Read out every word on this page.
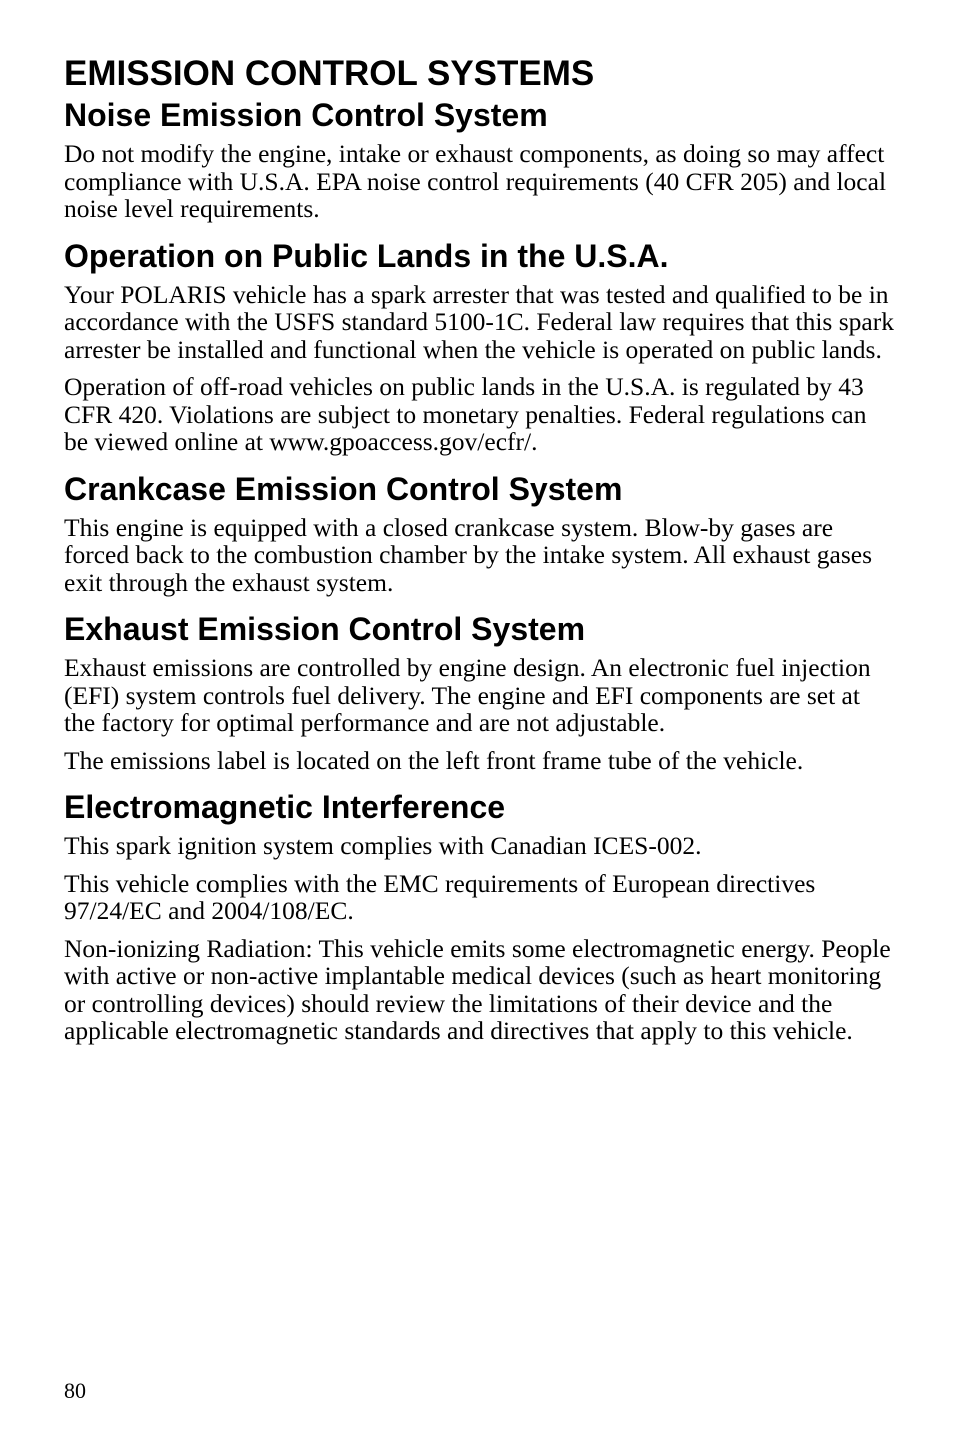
EMISSION CONTROL SYSTEMS
Noise Emission Control System

Do not modify the engine, intake or exhaust components, as doing so may affect compliance with U.S.A. EPA noise control requirements (40 CFR 205) and local noise level requirements.

Operation on Public Lands in the U.S.A.

Your POLARIS vehicle has a spark arrester that was tested and qualified to be in accordance with the USFS standard 5100-1C. Federal law requires that this spark arrester be installed and functional when the vehicle is operated on public lands.

Operation of off-road vehicles on public lands in the U.S.A. is regulated by 43 CFR 420. Violations are subject to monetary penalties. Federal regulations can be viewed online at www.gpoaccess.gov/ecfr/.

Crankcase Emission Control System

This engine is equipped with a closed crankcase system. Blow-by gases are forced back to the combustion chamber by the intake system. All exhaust gases exit through the exhaust system.

Exhaust Emission Control System

Exhaust emissions are controlled by engine design. An electronic fuel injection (EFI) system controls fuel delivery. The engine and EFI components are set at the factory for optimal performance and are not adjustable.

The emissions label is located on the left front frame tube of the vehicle.

Electromagnetic Interference

This spark ignition system complies with Canadian ICES-002.

This vehicle complies with the EMC requirements of European directives 97/24/EC and 2004/108/EC.

Non-ionizing Radiation: This vehicle emits some electromagnetic energy. People with active or non-active implantable medical devices (such as heart monitoring or controlling devices) should review the limitations of their device and the applicable electromagnetic standards and directives that apply to this vehicle.

80
